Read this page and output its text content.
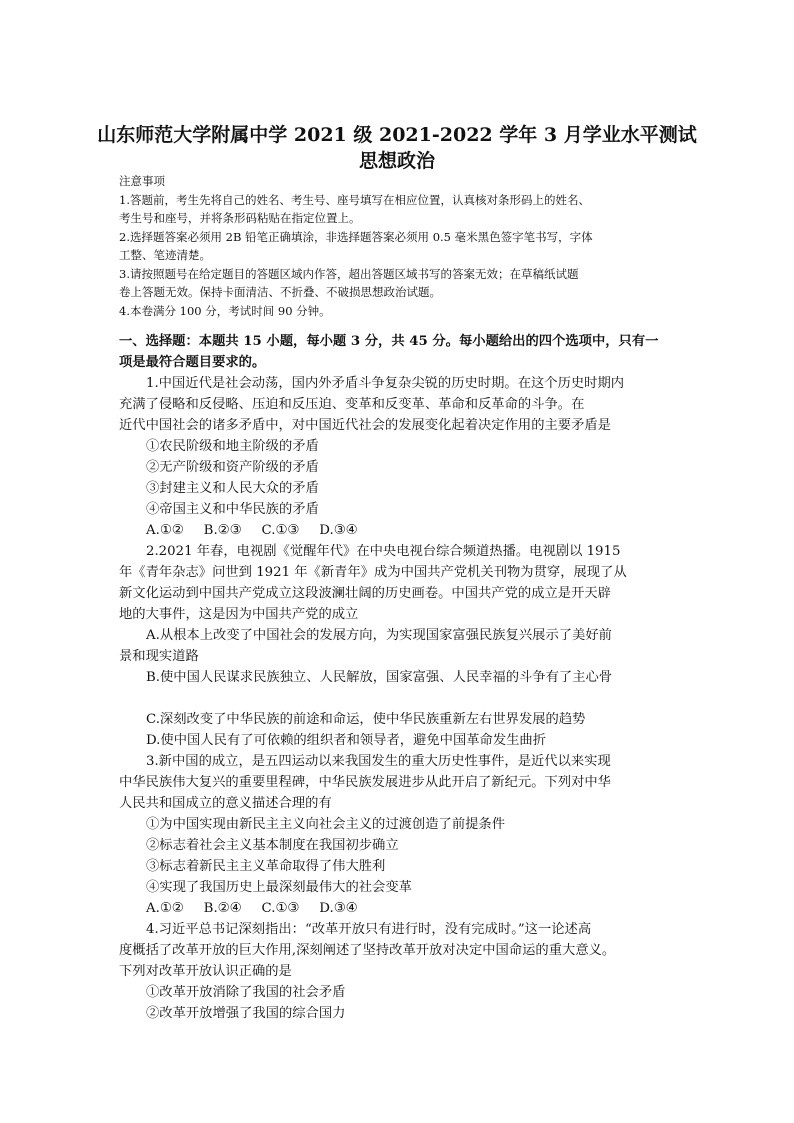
山东师范大学附属中学 2021 级 2021-2022 学年 3 月学业水平测试
思想政治

注意事项

1.答题前，考生先将自己的姓名、考生号、座号填写在相应位置，认真核对条形码上的姓名、

考生号和座号，并将条形码粘贴在指定位置上。

2.选择题答案必须用 2B 铅笔正确填涂，非选择题答案必须用 0.5 毫米黑色签字笔书写，字体

工整、笔迹清楚。

3.请按照题号在给定题目的答题区域内作答，超出答题区域书写的答案无效；在草稿纸试题

卷上答题无效。保持卡面清洁、不折叠、不破损思想政治试题。

4.本卷满分 100 分，考试时间 90 分钟。

一、选择题：本题共 15 小题，每小题 3 分，共 45 分。每小题给出的四个选项中，只有一

项是最符合题目要求的。

1.中国近代是社会动荡，国内外矛盾斗争复杂尖锐的历史时期。在这个历史时期内

充满了侵略和反侵略、压迫和反压迫、变革和反变革、革命和反革命的斗争。在

近代中国社会的诸多矛盾中，对中国近代社会的发展变化起着决定作用的主要矛盾是

①农民阶级和地主阶级的矛盾

②无产阶级和资产阶级的矛盾

③封建主义和人民大众的矛盾

④帝国主义和中华民族的矛盾

A.①② B.②③ C.①③ D.③④

2.2021 年春，电视剧《觉醒年代》在中央电视台综合频道热播。电视剧以 1915

年《青年杂志》问世到 1921 年《新青年》成为中国共产党机关刊物为贯穿，展现了从

新文化运动到中国共产党成立这段波澜壮阔的历史画卷。中国共产党的成立是开天辟

地的大事件，这是因为中国共产党的成立

A.从根本上改变了中国社会的发展方向，为实现国家富强民族复兴展示了美好前

景和现实道路

B.使中国人民谋求民族独立、人民解放，国家富强、人民幸福的斗争有了主心骨

C.深刻改变了中华民族的前途和命运，使中华民族重新左右世界发展的趋势

D.使中国人民有了可依赖的组织者和领导者，避免中国革命发生曲折

3.新中国的成立，是五四运动以来我国发生的重大历史性事件，是近代以来实现

中华民族伟大复兴的重要里程碑，中华民族发展进步从此开启了新纪元。下列对中华

人民共和国成立的意义描述合理的有

①为中国实现由新民主主义向社会主义的过渡创造了前提条件

②标志着社会主义基本制度在我国初步确立

③标志着新民主主义革命取得了伟大胜利

④实现了我国历史上最深刻最伟大的社会变革

A.①② B.②④ C.①③ D.③④

4.习近平总书记深刻指出：“改革开放只有进行时，没有完成时。”这一论述高

度概括了改革开放的巨大作用,深刻阐述了坚持改革开放对决定中国命运的重大意义。

下列对改革开放认识正确的是

①改革开放消除了我国的社会矛盾

②改革开放增强了我国的综合国力
